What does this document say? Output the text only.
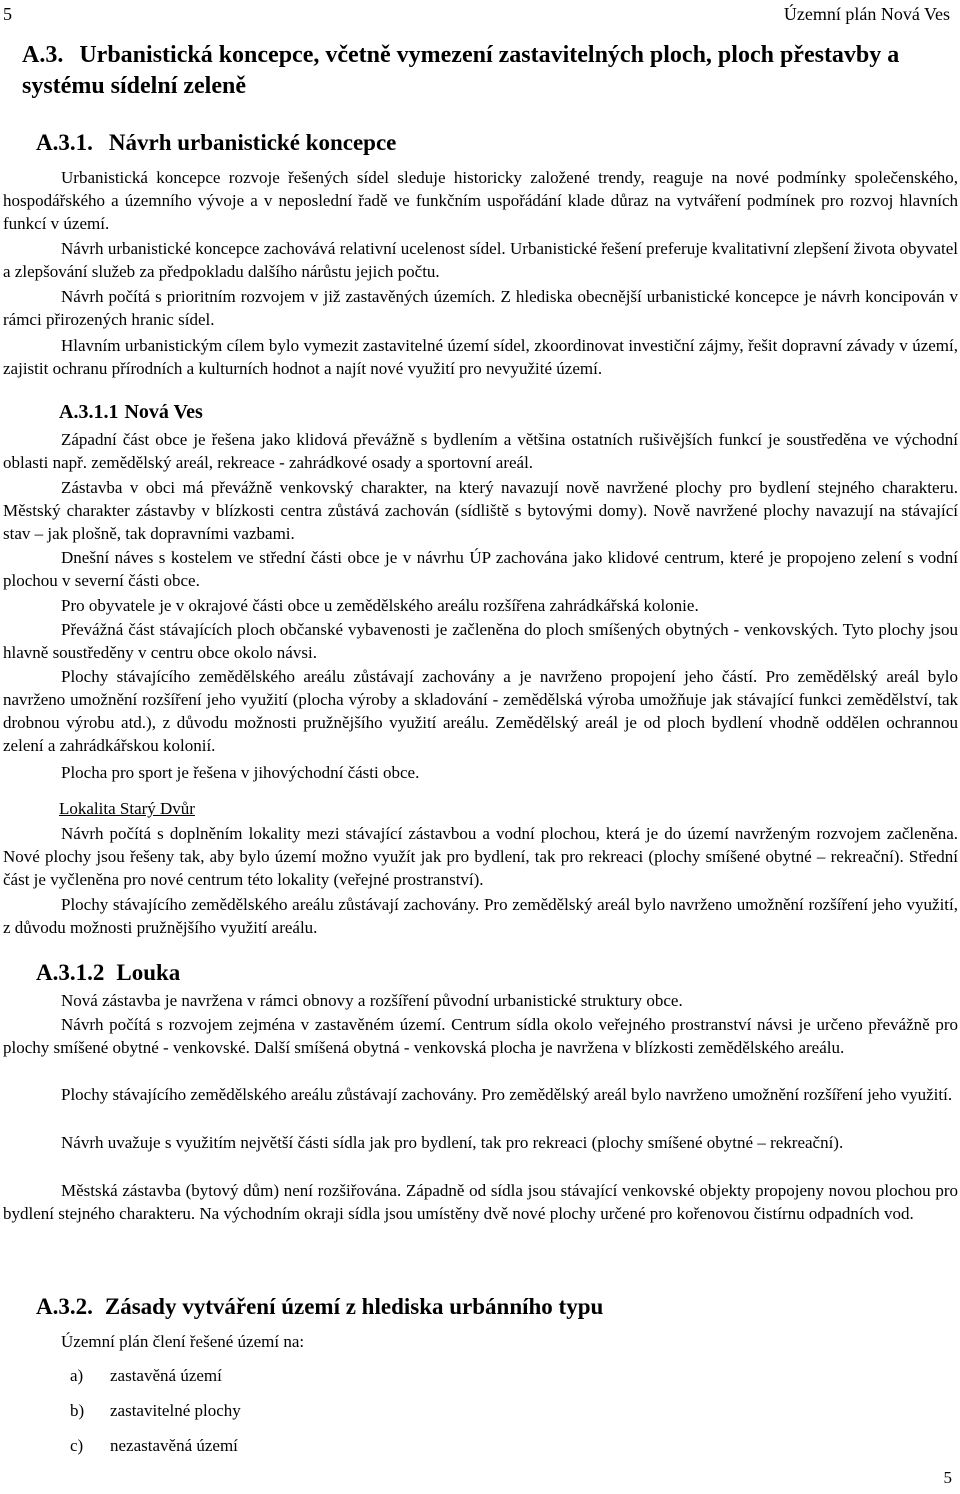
5	Územní plán Nová Ves
A.3. Urbanistická koncepce, včetně vymezení zastavitelných ploch, ploch přestavby a systému sídelní zeleně
A.3.1. Návrh urbanistické koncepce
Urbanistická koncepce rozvoje řešených sídel sleduje historicky založené trendy, reaguje na nové podmínky společenského, hospodářského a územního vývoje a v neposlední řadě ve funkčním uspořádání klade důraz na vytváření podmínek pro rozvoj hlavních funkcí v území.
Návrh urbanistické koncepce zachovává relativní ucelenost sídel. Urbanistické řešení preferuje kvalitativní zlepšení života obyvatel a zlepšování služeb za předpokladu dalšího nárůstu jejich počtu.
Návrh počítá s prioritním rozvojem v již zastavěných územích. Z hlediska obecnější urbanistické koncepce je návrh koncipován v rámci přirozených hranic sídel.
Hlavním urbanistickým cílem bylo vymezit zastavitelné území sídel, zkoordinovat investiční zájmy, řešit dopravní závady v území, zajistit ochranu přírodních a kulturních hodnot a najít nové využití pro nevyužité území.
A.3.1.1 Nová Ves
Západní část obce je řešena jako klidová převážně s bydlením a většina ostatních rušivějších funkcí je soustředěna ve východní oblasti např. zemědělský areál, rekreace - zahrádkové osady a sportovní areál.
Zástavba v obci má převážně venkovský charakter, na který navazují nově navržené plochy pro bydlení stejného charakteru. Městský charakter zástavby v blízkosti centra zůstává zachován (sídliště s bytovými domy). Nově navržené plochy navazují na stávající stav – jak plošně, tak dopravními vazbami.
Dnešní náves s kostelem ve střední části obce je v návrhu ÚP zachována jako klidové centrum, které je propojeno zelení s vodní plochou v severní části obce.
Pro obyvatele je v okrajové části obce u zemědělského areálu rozšířena zahrádkářská kolonie.
Převážná část stávajících ploch občanské vybavenosti je začleněna do ploch smíšených obytných - venkovských. Tyto plochy jsou hlavně soustředěny v centru obce okolo návsi.
Plochy stávajícího zemědělského areálu zůstávají zachovány a je navrženo propojení jeho částí. Pro zemědělský areál bylo navrženo umožnění rozšíření jeho využití (plocha výroby a skladování - zemědělská výroba umožňuje jak stávající funkci zemědělství, tak drobnou výrobu atd.), z důvodu možnosti pružnějšího využití areálu. Zemědělský areál je od ploch bydlení vhodně oddělen ochrannou zelení a zahrádkářskou kolonií.
Plocha pro sport je řešena v jihovýchodní části obce.
Lokalita Starý Dvůr
Návrh počítá s doplněním lokality mezi stávající zástavbou a vodní plochou, která je do území navrženým rozvojem začleněna. Nové plochy jsou řešeny tak, aby bylo území možno využít jak pro bydlení, tak pro rekreaci (plochy smíšené obytné – rekreační). Střední část je vyčleněna pro nové centrum této lokality (veřejné prostranství).
Plochy stávajícího zemědělského areálu zůstávají zachovány. Pro zemědělský areál bylo navrženo umožnění rozšíření jeho využití, z důvodu možnosti pružnějšího využití areálu.
A.3.1.2 Louka
Nová zástavba je navržena v rámci obnovy a rozšíření původní urbanistické struktury obce.
Návrh počítá s rozvojem zejména v zastavěném území. Centrum sídla okolo veřejného prostranství návsi je určeno převážně pro plochy smíšené obytné - venkovské. Další smíšená obytná - venkovská plocha je navržena v blízkosti zemědělského areálu.
Plochy stávajícího zemědělského areálu zůstávají zachovány. Pro zemědělský areál bylo navrženo umožnění rozšíření jeho využití.
Návrh uvažuje s využitím největší části sídla jak pro bydlení, tak pro rekreaci (plochy smíšené obytné – rekreační).
Městská zástavba (bytový dům) není rozšiřována. Západně od sídla jsou stávající venkovské objekty propojeny novou plochou pro bydlení stejného charakteru. Na východním okraji sídla jsou umístěny dvě nové plochy určené pro kořenovou čistírnu odpadních vod.
A.3.2. Zásady vytváření území z hlediska urbánního typu
Územní plán člení řešené území na:
a) zastavěná území
b) zastavitelné plochy
c) nezastavěná území
5
